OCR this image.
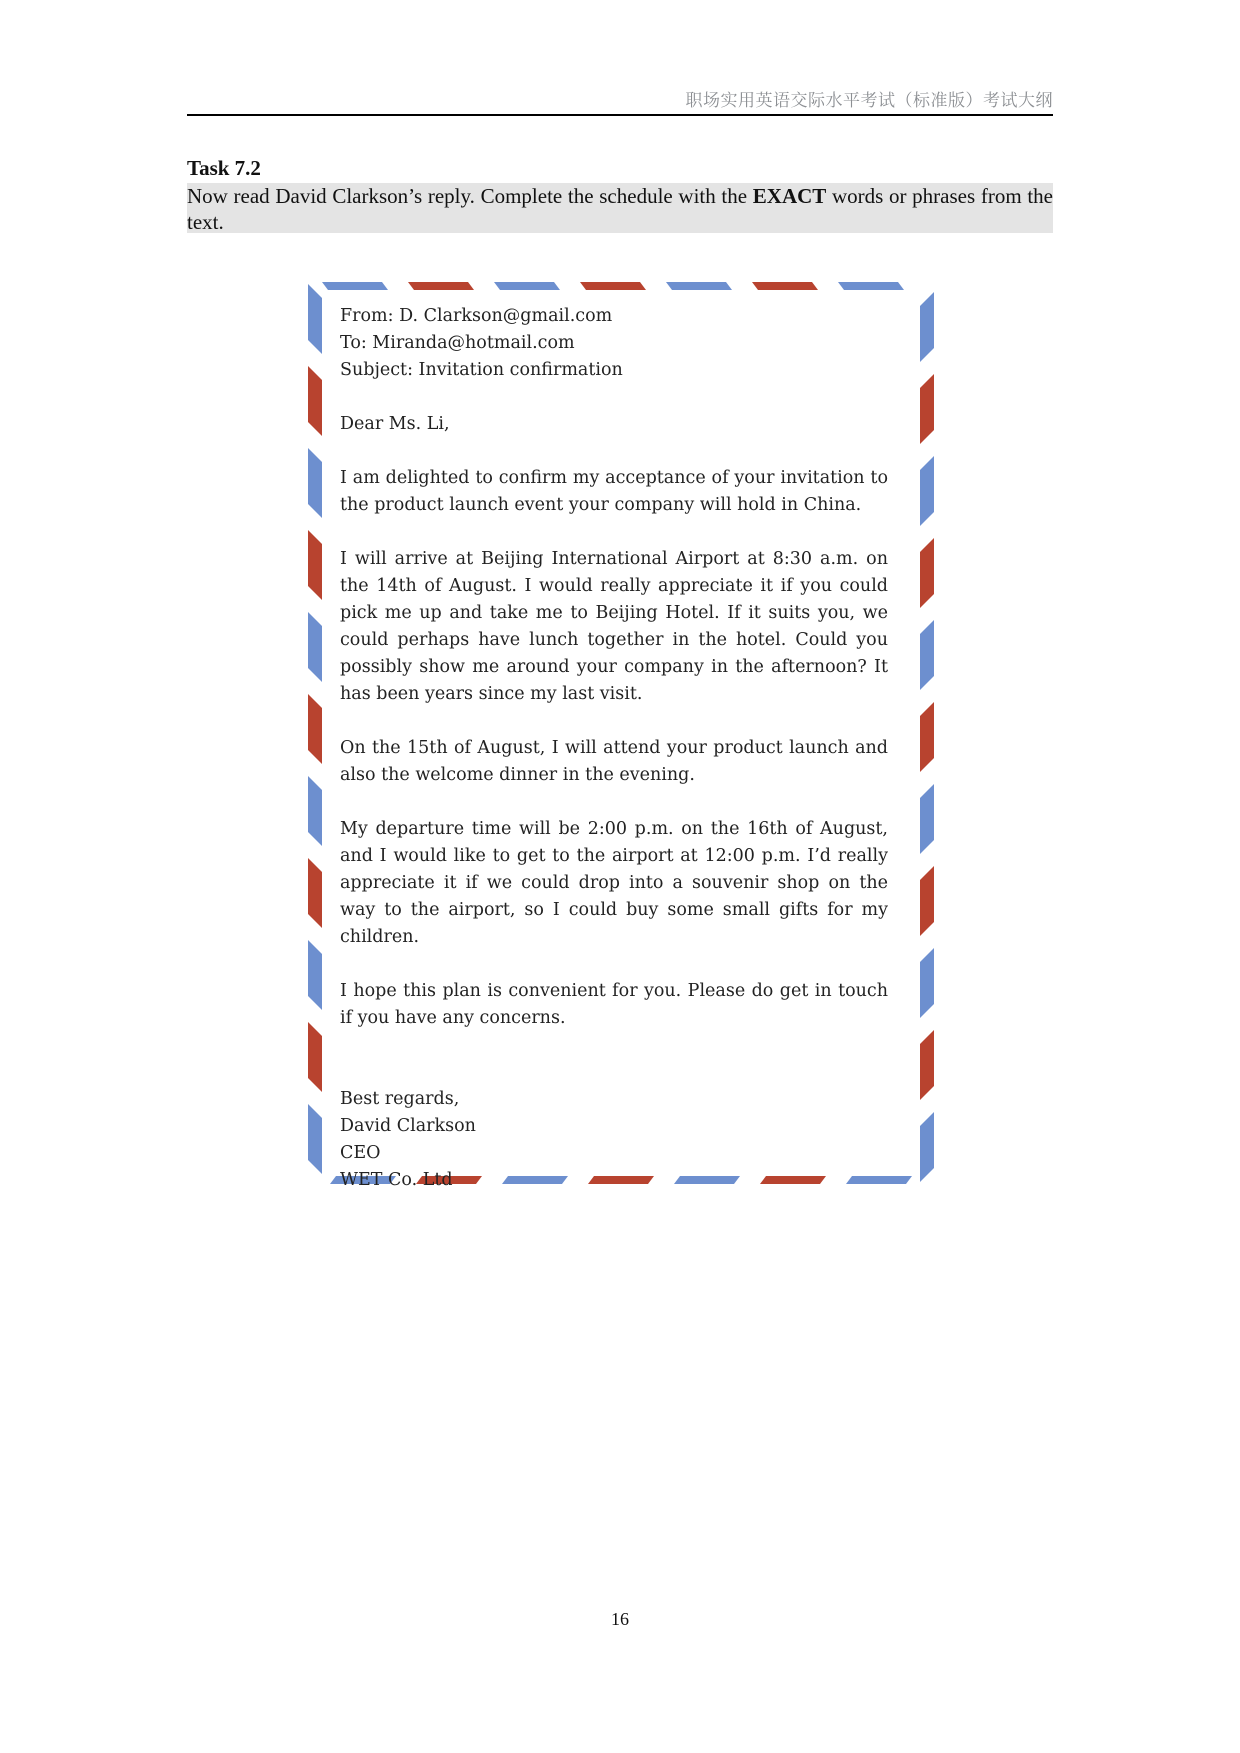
职场实用英语交际水平考试（标准版）考试大纲
Task 7.2
Now read David Clarkson’s reply. Complete the schedule with the EXACT words or phrases from the text.

From: D. Clarkson@gmail.com

To: Miranda@hotmail.com

Subject: Invitation confirmation

Dear Ms. Li,

I am delighted to confirm my acceptance of your invitation to the product launch event your company will hold in China.

I will arrive at Beijing International Airport at 8:30 a.m. on the 14th of August. I would really appreciate it if you could pick me up and take me to Beijing Hotel. If it suits you, we could perhaps have lunch together in the hotel. Could you possibly show me around your company in the afternoon? It has been years since my last visit.

On the 15th of August, I will attend your product launch and also the welcome dinner in the evening.

My departure time will be 2:00 p.m. on the 16th of August, and I would like to get to the airport at 12:00 p.m. I’d really appreciate it if we could drop into a souvenir shop on the way to the airport, so I could buy some small gifts for my children.

I hope this plan is convenient for you. Please do get in touch if you have any concerns.

Best regards,

David Clarkson

CEO

WET Co. Ltd

16
